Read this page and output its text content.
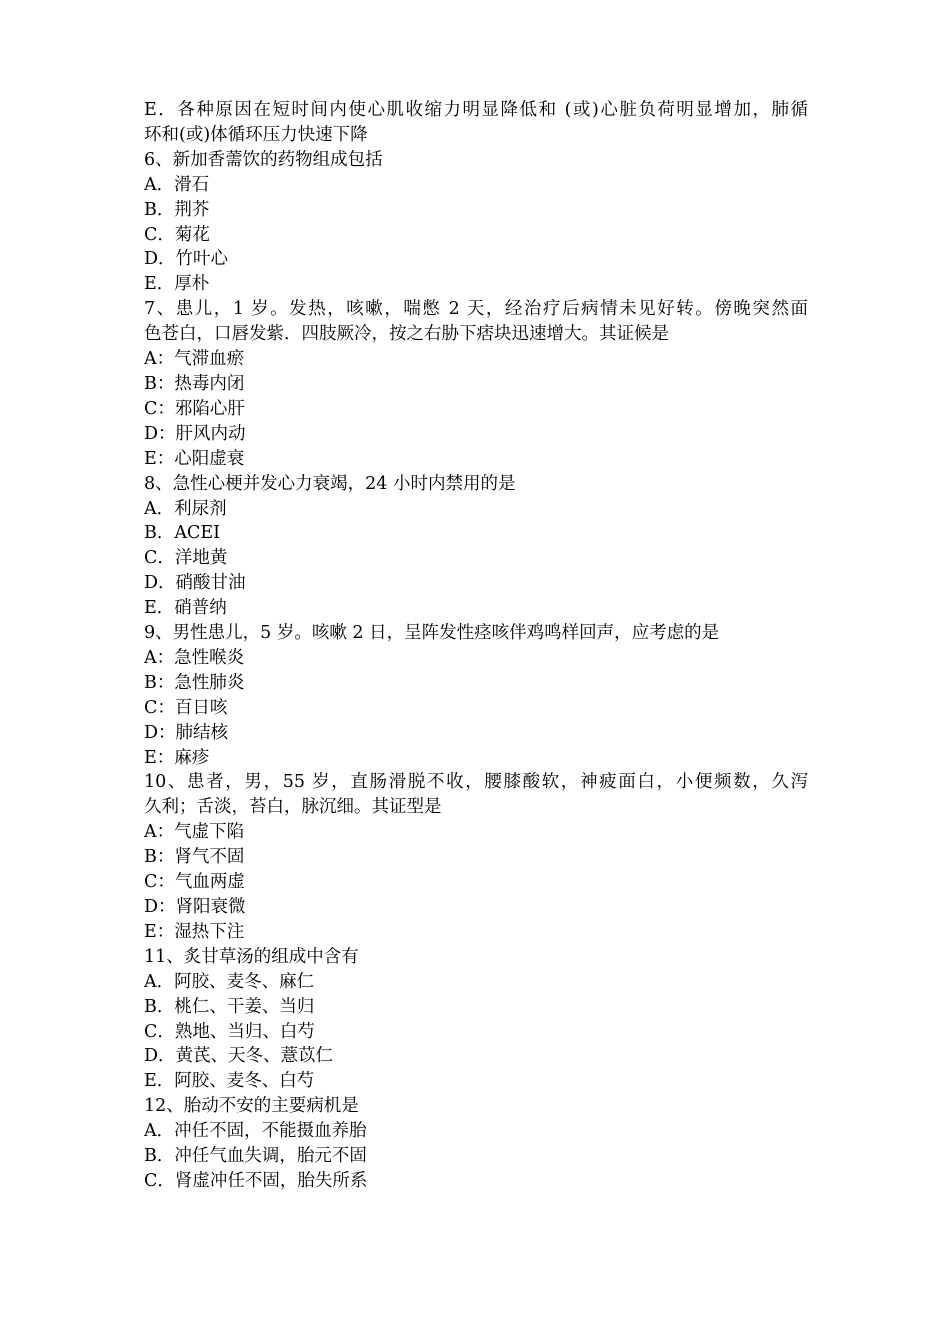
E．各种原因在短时间内使心肌收缩力明显降低和 (或)心脏负荷明显增加，肺循
环和(或)体循环压力快速下降
6、新加香薷饮的药物组成包括
A．滑石
B．荆芥
C．菊花
D．竹叶心
E．厚朴
7、患儿，1 岁。发热，咳嗽，喘憋 2 天，经治疗后病情未见好转。傍晚突然面
色苍白，口唇发紫．四肢厥冷，按之右胁下痞块迅速增大。其证候是
A：气滞血瘀
B：热毒内闭
C：邪陷心肝
D：肝风内动
E：心阳虚衰
8、急性心梗并发心力衰竭，24 小时内禁用的是
A．利尿剂
B．ACEI
C．洋地黄
D．硝酸甘油
E．硝普纳
9、男性患儿，5 岁。咳嗽 2 日，呈阵发性痉咳伴鸡鸣样回声，应考虑的是
A：急性喉炎
B：急性肺炎
C：百日咳
D：肺结核
E：麻疹
10、患者，男，55 岁，直肠滑脱不收，腰膝酸软，神疲面白，小便频数，久泻
久利；舌淡，苔白，脉沉细。其证型是
A：气虚下陷
B：肾气不固
C：气血两虚
D：肾阳衰微
E：湿热下注
11、炙甘草汤的组成中含有
A．阿胶、麦冬、麻仁
B．桃仁、干姜、当归
C．熟地、当归、白芍
D．黄芪、天冬、薏苡仁
E．阿胶、麦冬、白芍
12、胎动不安的主要病机是
A．冲任不固，不能摄血养胎
B．冲任气血失调，胎元不固
C．肾虚冲任不固，胎失所系
